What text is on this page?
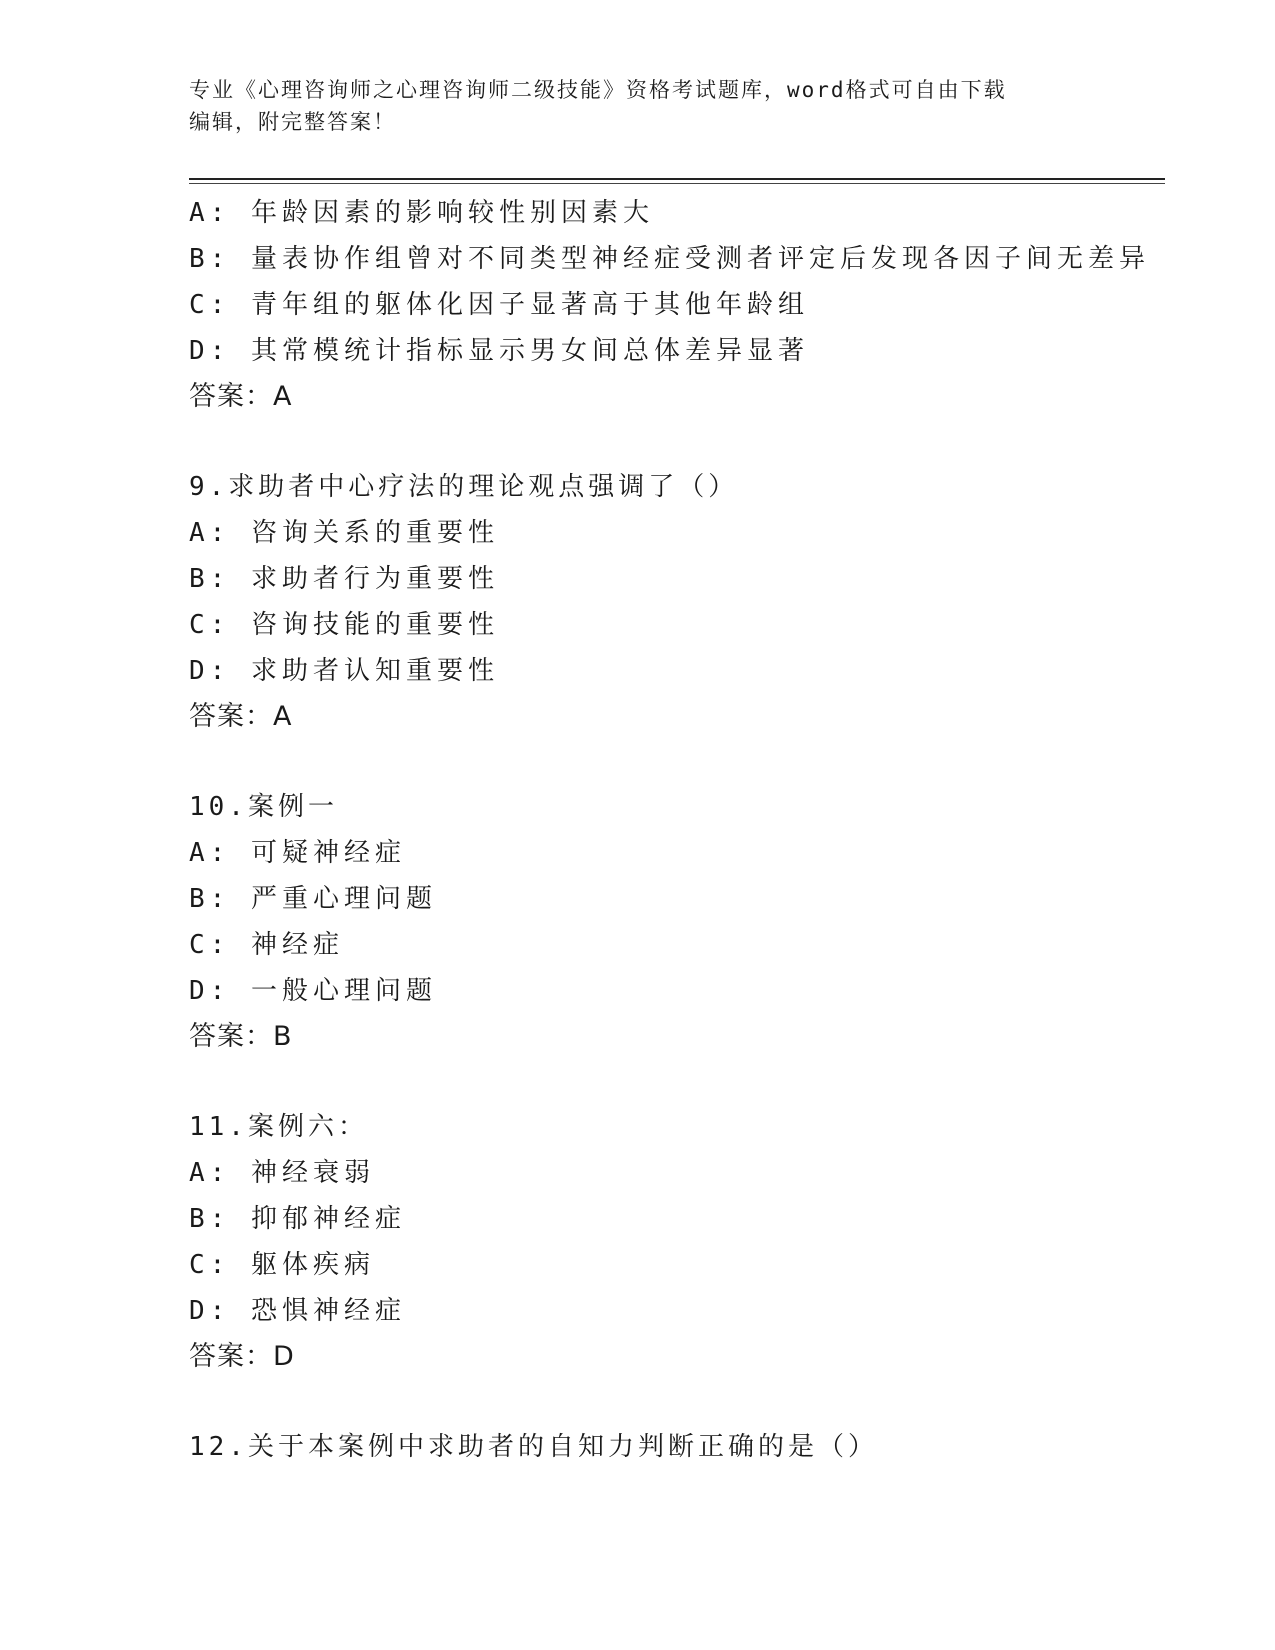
专业《心理咨询师之心理咨询师二级技能》资格考试题库，word格式可自由下载
编辑，附完整答案！
A: 年龄因素的影响较性别因素大
B: 量表协作组曾对不同类型神经症受测者评定后发现各因子间无差异
C: 青年组的躯体化因子显著高于其他年龄组
D: 其常模统计指标显示男女间总体差异显著
答案：A
9.求助者中心疗法的理论观点强调了（）
A: 咨询关系的重要性
B: 求助者行为重要性
C: 咨询技能的重要性
D: 求助者认知重要性
答案：A
10.案例一
A: 可疑神经症
B: 严重心理问题
C: 神经症
D: 一般心理问题
答案：B
11.案例六：
A: 神经衰弱
B: 抑郁神经症
C: 躯体疾病
D: 恐惧神经症
答案：D
12.关于本案例中求助者的自知力判断正确的是（）
